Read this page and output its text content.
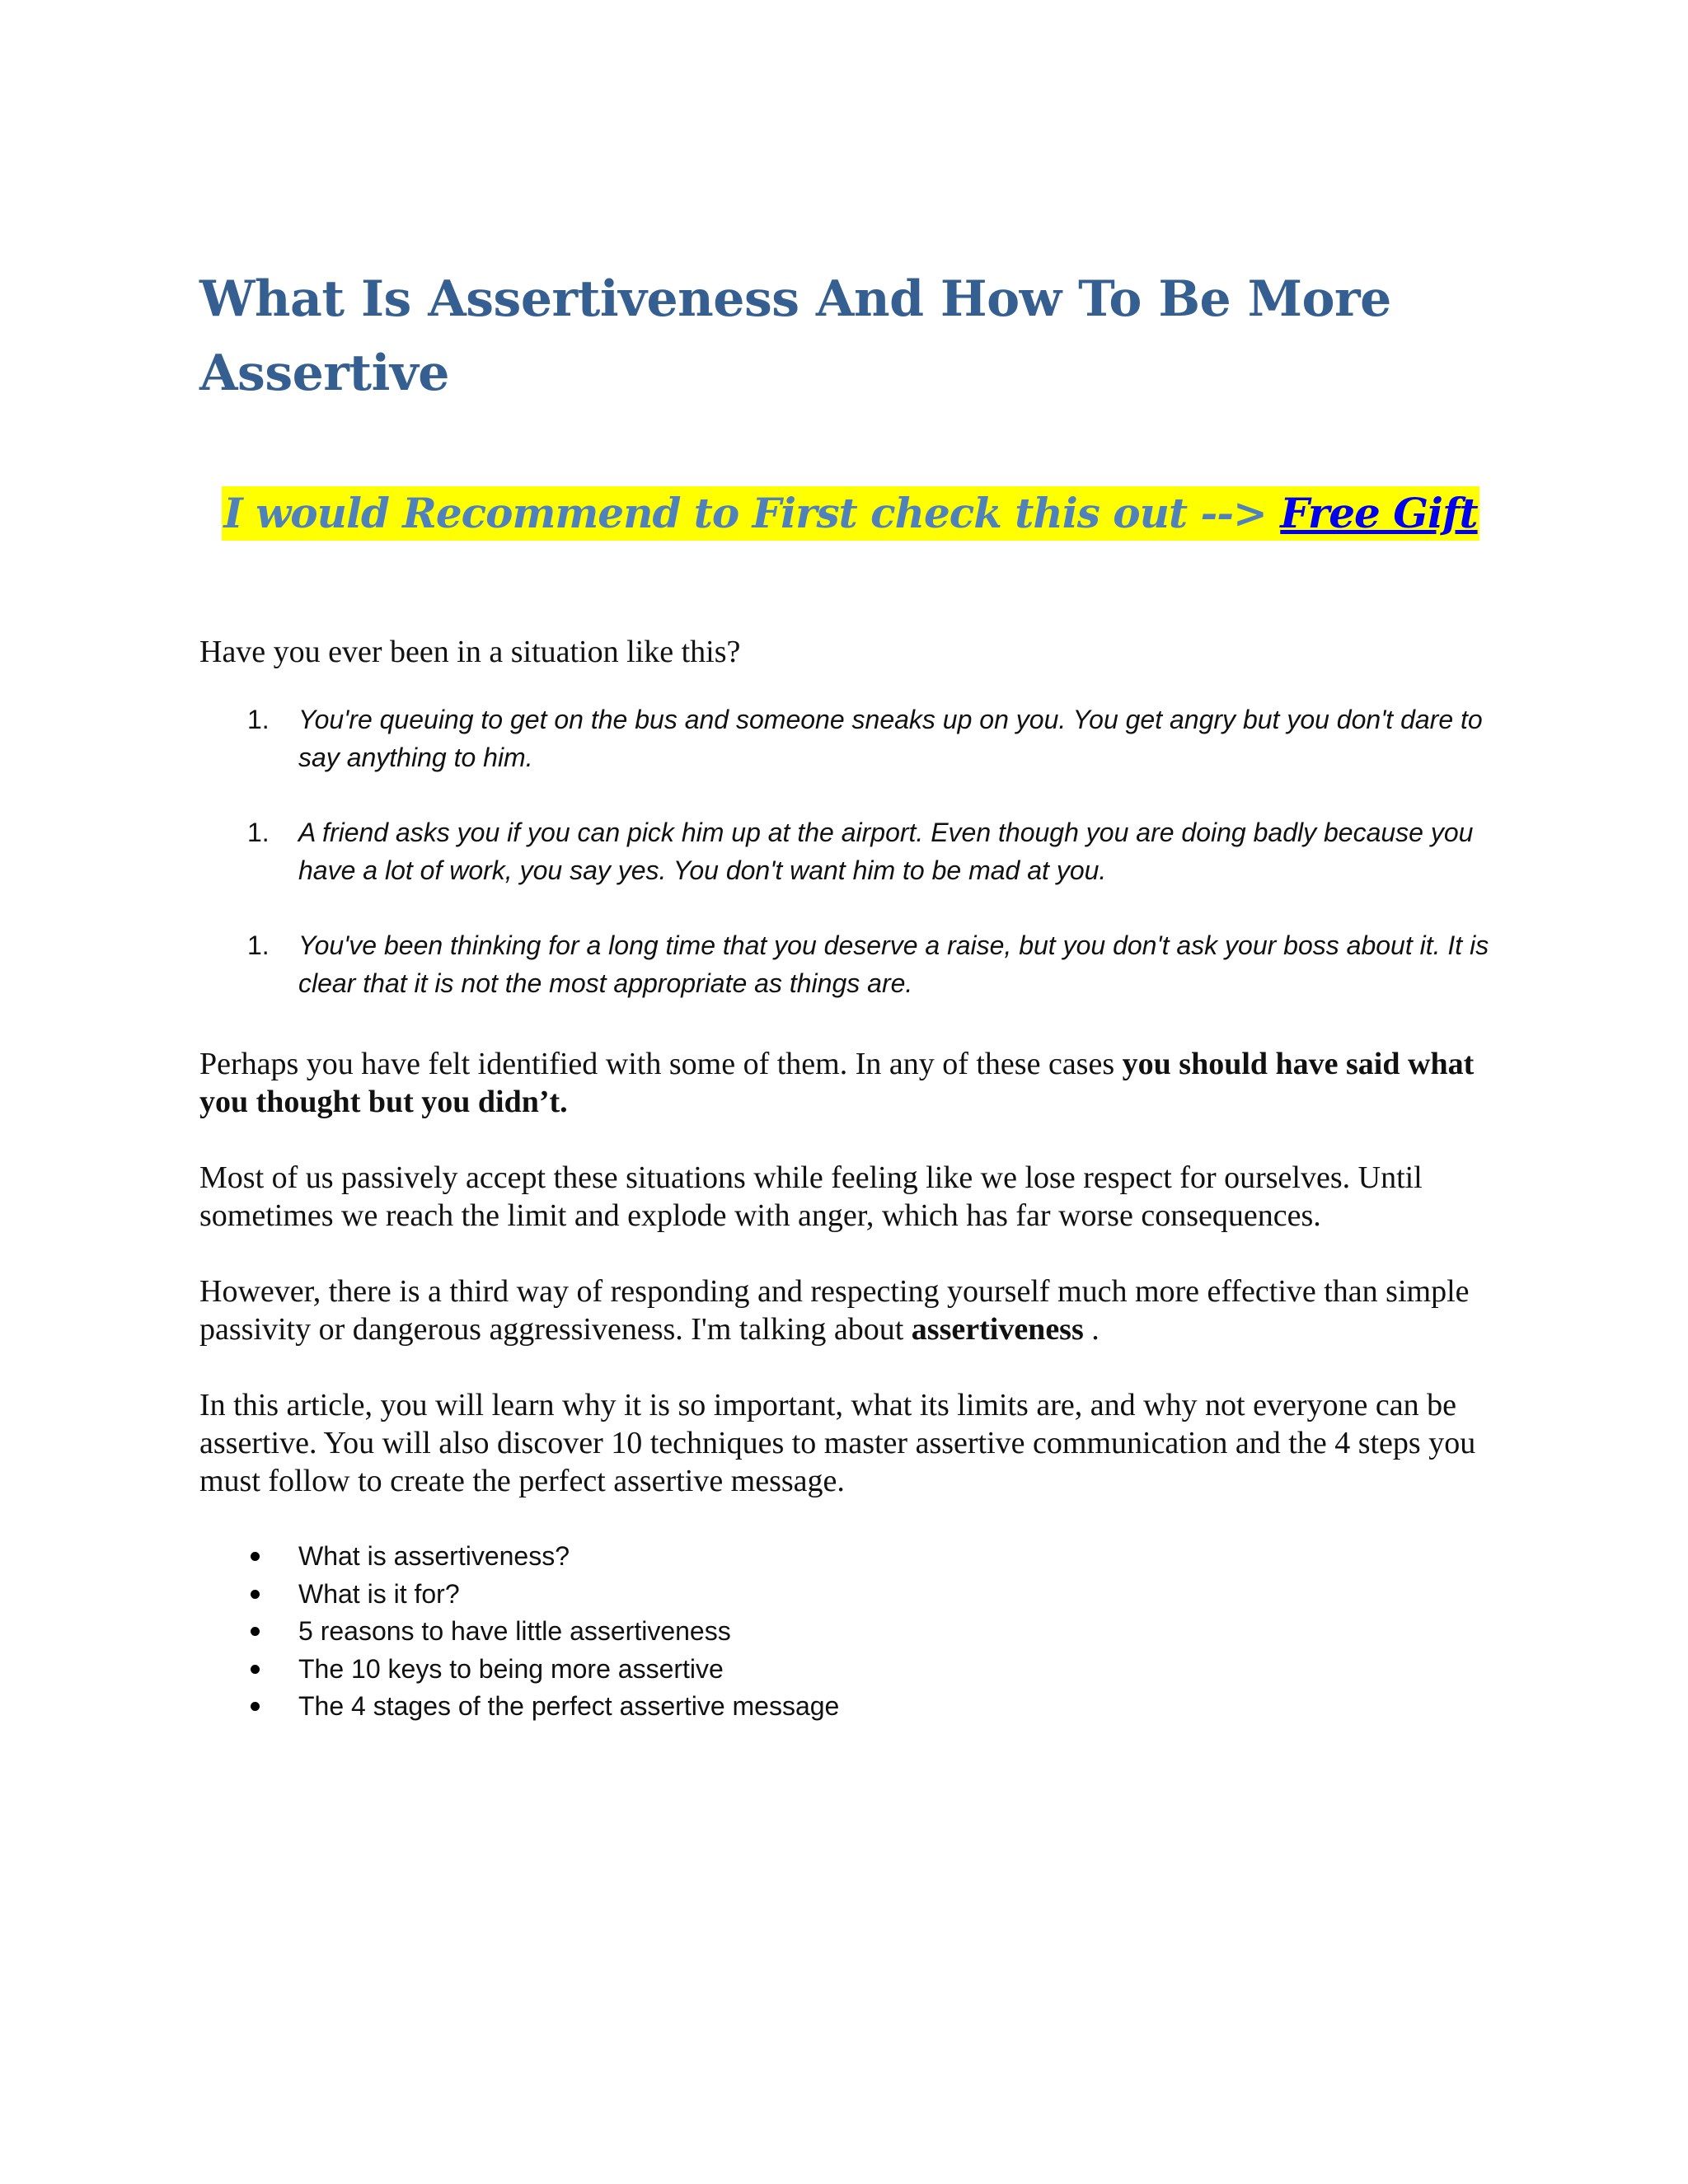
What Is Assertiveness And How To Be More Assertive
I would Recommend to First check this out --> Free Gift

Have you ever been in a situation like this?

1. You're queuing to get on the bus and someone sneaks up on you. You get angry but you don't dare to say anything to him.
1. A friend asks you if you can pick him up at the airport. Even though you are doing badly because you have a lot of work, you say yes. You don't want him to be mad at you.
1. You've been thinking for a long time that you deserve a raise, but you don't ask your boss about it. It is clear that it is not the most appropriate as things are.

Perhaps you have felt identified with some of them. In any of these cases you should have said what you thought but you didn’t.

Most of us passively accept these situations while feeling like we lose respect for ourselves. Until sometimes we reach the limit and explode with anger, which has far worse consequences.

However, there is a third way of responding and respecting yourself much more effective than simple passivity or dangerous aggressiveness. I'm talking about assertiveness .

In this article, you will learn why it is so important, what its limits are, and why not everyone can be assertive. You will also discover 10 techniques to master assertive communication and the 4 steps you must follow to create the perfect assertive message.

What is assertiveness?
What is it for?
5 reasons to have little assertiveness
The 10 keys to being more assertive
The 4 stages of the perfect assertive message
